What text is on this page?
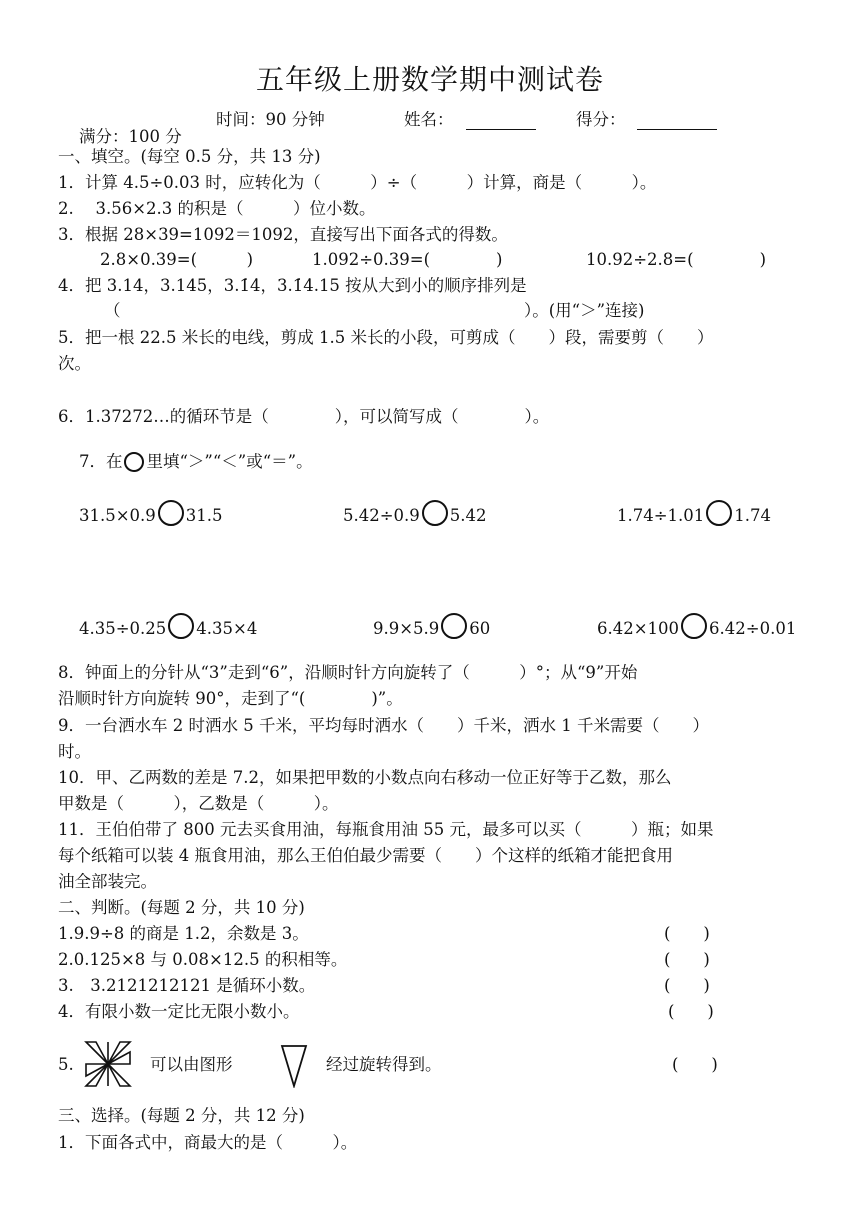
五年级上册数学期中测试卷

满分：100 分

时间：90 分钟	姓名：	得分：
一、填空。(每空 0.5 分，共 13 分)
1．计算 4.5÷0.03 时，应转化为（　　　）÷（　　　）计算，商是（　　　）。
2.　 3.56×2.3 的积是（　　　）位小数。
3．根据 28×39=1092＝1092，直接写出下面各式的得数。
2.8×0.39=(　　　)	1.092÷0.39=(　　　　)	10.92÷2.8=(　　　　)
4．把 3.14，3.145，3.1̇4̇，3.1̇4̇.15 按从大到小的顺序排列是
（	）。(用“＞”连接)
5．把一根 22.5 米长的电线，剪成 1.5 米长的小段，可剪成（　　）段，需要剪（　　）
次。
6．1.37272…的循环节是（　　　　），可以简写成（　　　　）。

7．在 里填“＞”“＜”或“＝”。

31.5×0.9 31.5
	5.42÷0.9 5.42
	1.74÷1.01 1.74

4.35÷0.25 4.35×4
	9.9×5.9 60
	6.42×100 6.42÷0.01

8．钟面上的分针从“3”走到“6”，沿顺时针方向旋转了（　　　）°；从“9”开始
沿顺时针方向旋转 90°，走到了“(　　　　)”。
9．一台洒水车 2 时洒水 5 千米，平均每时洒水（　　）千米，洒水 1 千米需要（　　）
时。
10．甲、乙两数的差是 7.2，如果把甲数的小数点向右移动一位正好等于乙数，那么
甲数是（　　　），乙数是（　　　）。
11．王伯伯带了 800 元去买食用油，每瓶食用油 55 元，最多可以买（　　　）瓶；如果
每个纸箱可以装 4 瓶食用油，那么王伯伯最少需要（　　）个这样的纸箱才能把食用
油全部装完。
二、判断。(每题 2 分，共 10 分)
1.9.9÷8 的商是 1.2，余数是 3。	(　　)
2.0.125×8 与 0.08×12.5 的积相等。	(　　)
3.　3.2121212121 是循环小数。	(　　)
4．有限小数一定比无限小数小。	(　　)
5.	可以由图形	经过旋转得到。	(　　)
三、选择。(每题 2 分，共 12 分)
1．下面各式中，商最大的是（　　　）。
